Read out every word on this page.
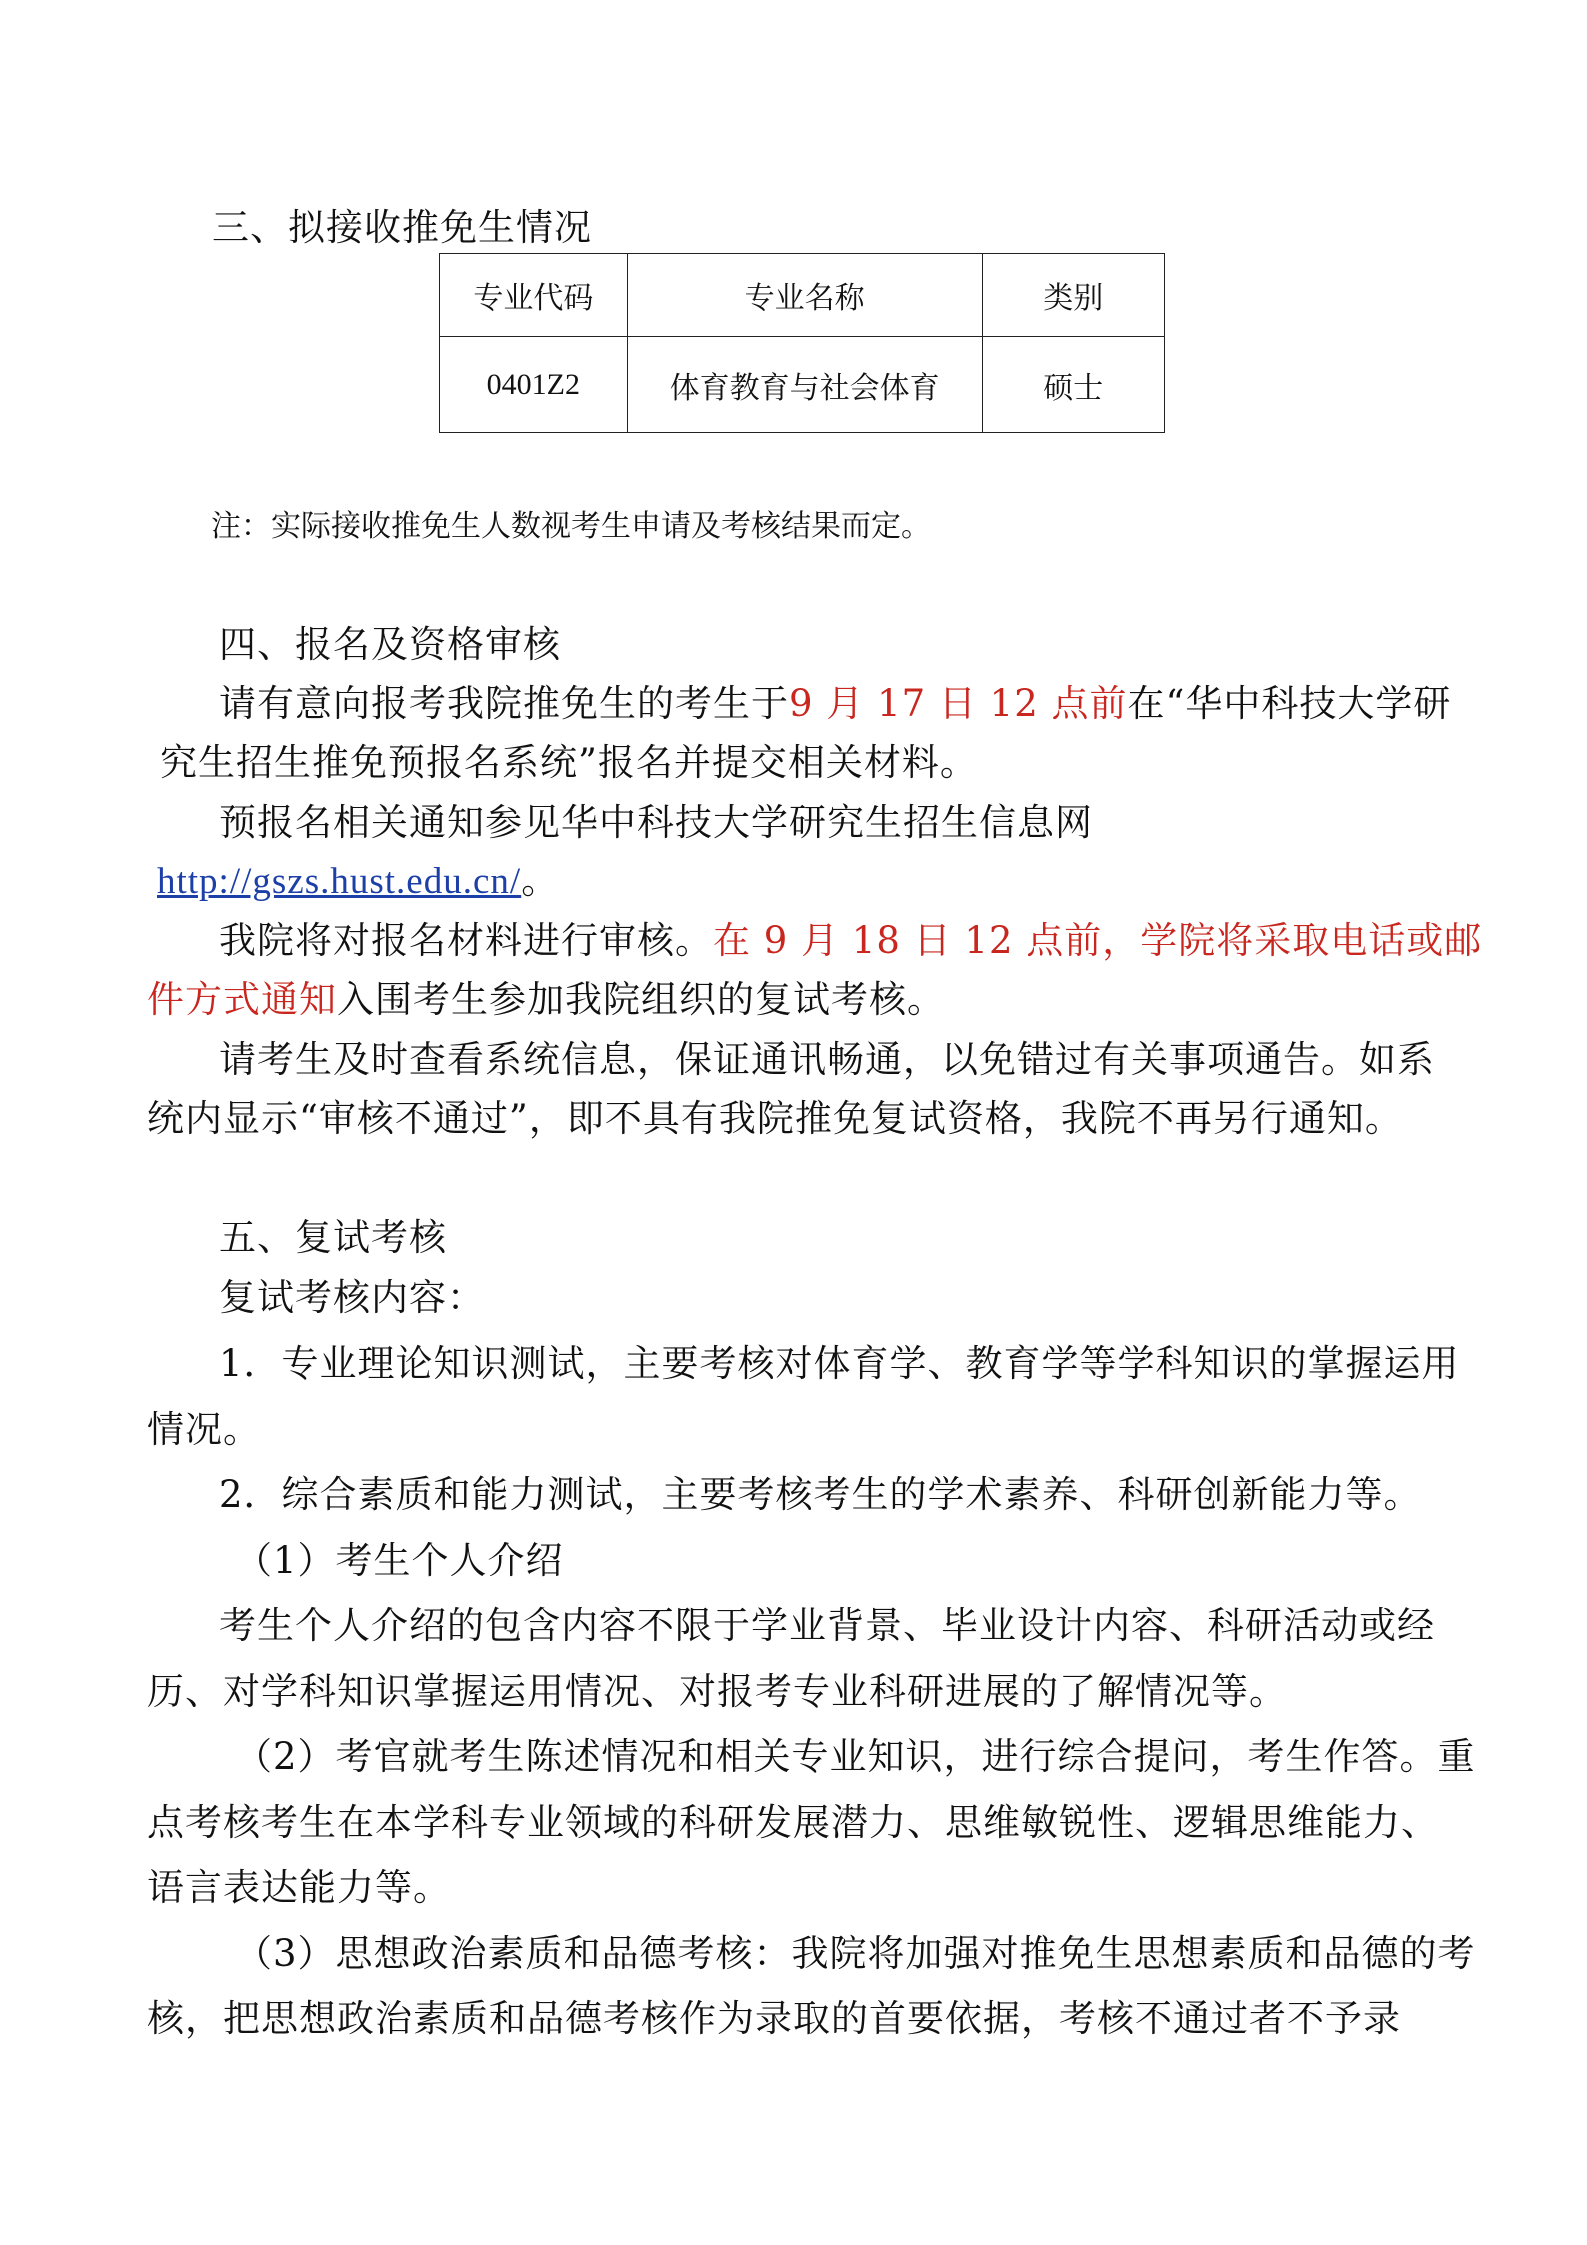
三、拟接收推免生情况
专业代码	专业名称	类别
0401Z2	体育教育与社会体育	硕士
注：实际接收推免生人数视考生申请及考核结果而定。
四、报名及资格审核
请有意向报考我院推免生的考生于9 月 17 日 12 点前在“华中科技大学研
究生招生推免预报名系统”报名并提交相关材料。
预报名相关通知参见华中科技大学研究生招生信息网
http://gszs.hust.edu.cn/。
我院将对报名材料进行审核。在 9 月 18 日 12 点前，学院将采取电话或邮
件方式通知入围考生参加我院组织的复试考核。
请考生及时查看系统信息，保证通讯畅通，以免错过有关事项通告。如系
统内显示“审核不通过”，即不具有我院推免复试资格，我院不再另行通知。
五、复试考核
复试考核内容：
1．专业理论知识测试，主要考核对体育学、教育学等学科知识的掌握运用
情况。
2．综合素质和能力测试，主要考核考生的学术素养、科研创新能力等。
（1）考生个人介绍
考生个人介绍的包含内容不限于学业背景、毕业设计内容、科研活动或经
历、对学科知识掌握运用情况、对报考专业科研进展的了解情况等。
（2）考官就考生陈述情况和相关专业知识，进行综合提问，考生作答。重
点考核考生在本学科专业领域的科研发展潜力、思维敏锐性、逻辑思维能力、
语言表达能力等。
（3）思想政治素质和品德考核：我院将加强对推免生思想素质和品德的考
核，把思想政治素质和品德考核作为录取的首要依据，考核不通过者不予录
